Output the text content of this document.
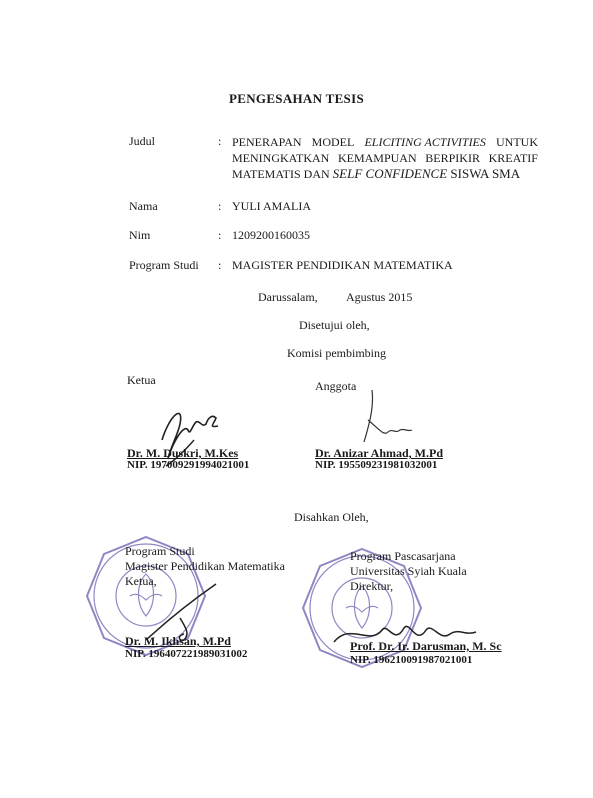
PENGESAHAN TESIS
Judul	: PENERAPAN MODEL ELICITING ACTIVITIES UNTUK
MENINGKATKAN KEMAMPUAN BERPIKIR KREATIF
MATEMATIS DAN SELF CONFIDENCE SISWA SMA
Nama	: YULI AMALIA
Nim	: 1209200160035
Program Studi : MAGISTER PENDIDIKAN MATEMATIKA
Darussalam, Agustus 2015
Disetujui oleh,
Komisi pembimbing
Ketua	Anggota
Dr. M. Duskri, M.Kes
NIP. 197009291994021001
Dr. Anizar Ahmad, M.Pd
NIP. 195509231981032001
Disahkan Oleh,
Program Studi
Magister Pendidikan Matematika
Ketua,
Dr. M. Ikhsan, M.Pd
NIP. 196407221989031002
Program Pascasarjana
Universitas Syiah Kuala
Direktur,
Prof. Dr. Ir. Darusman, M. Sc
NIP. 196210091987021001
